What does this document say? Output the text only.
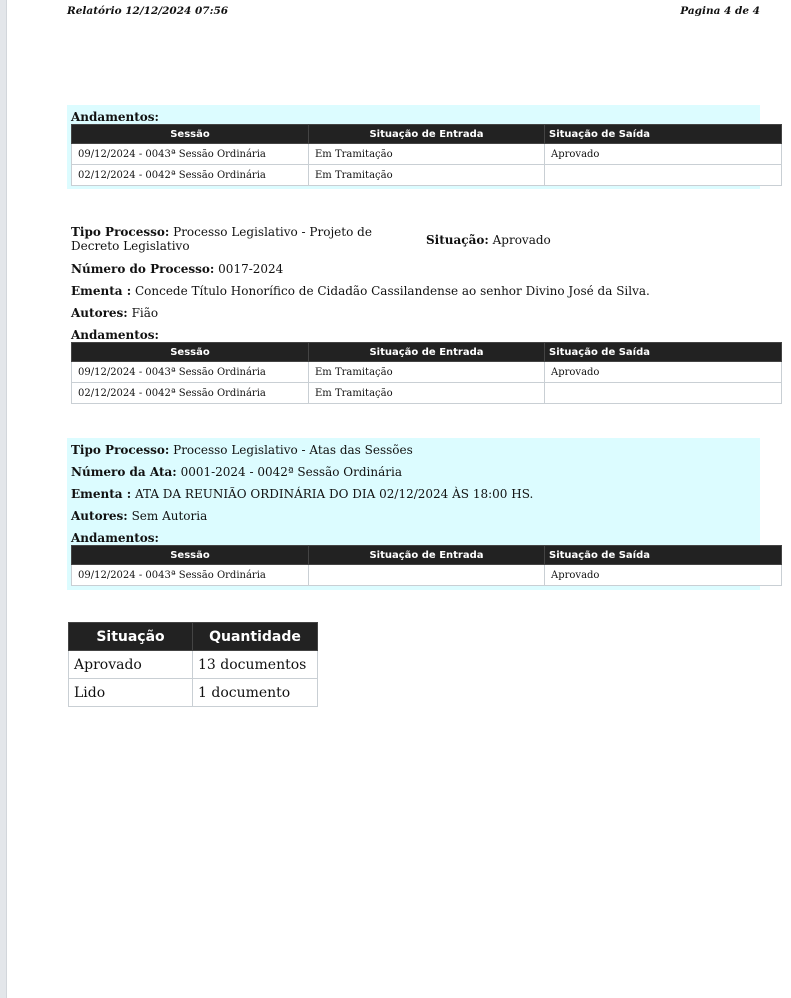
Relatório 12/12/2024 07:56	Pagina 4 de 4
Andamentos:
Sessão	Situação de Entrada	Situação de Saída
09/12/2024 - 0043ª Sessão Ordinária	Em Tramitação	Aprovado
02/12/2024 - 0042ª Sessão Ordinária	Em Tramitação	
Tipo Processo: Processo Legislativo - Projeto de Decreto Legislativo	Situação: Aprovado
Número do Processo: 0017-2024
Ementa : Concede Título Honorífico de Cidadão Cassilandense ao senhor Divino José da Silva.
Autores: Fião
Andamentos:
Sessão	Situação de Entrada	Situação de Saída
09/12/2024 - 0043ª Sessão Ordinária	Em Tramitação	Aprovado
02/12/2024 - 0042ª Sessão Ordinária	Em Tramitação	
Tipo Processo: Processo Legislativo - Atas das Sessões
Número da Ata: 0001-2024 - 0042ª Sessão Ordinária
Ementa : ATA DA REUNIÃO ORDINÁRIA DO DIA 02/12/2024 ÀS 18:00 HS.
Autores: Sem Autoria
Andamentos:
Sessão	Situação de Entrada	Situação de Saída
09/12/2024 - 0043ª Sessão Ordinária		Aprovado
Situação	Quantidade
Aprovado	13 documentos
Lido	1 documento
